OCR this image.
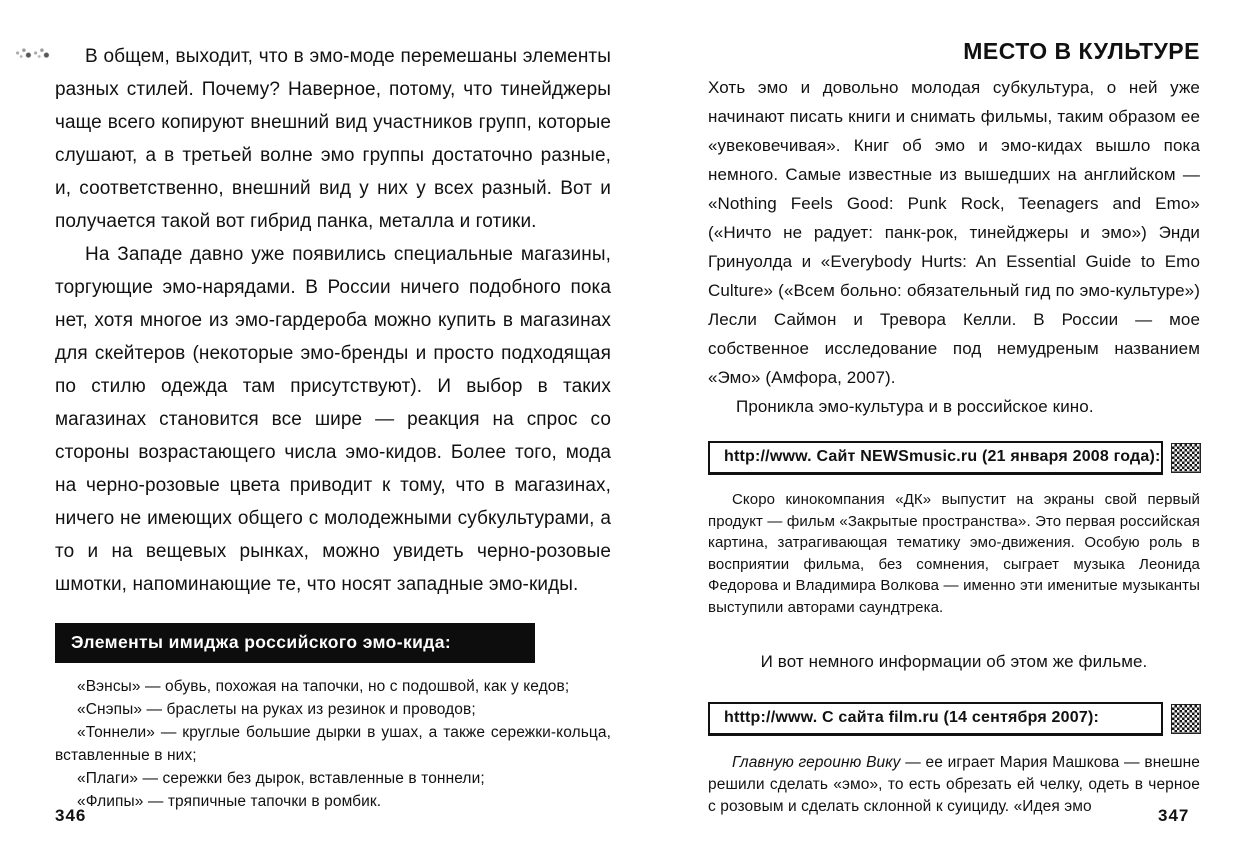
В общем, выходит, что в эмо-моде перемешаны элементы разных стилей. Почему? Наверное, потому, что тинейджеры чаще всего копируют внешний вид участников групп, которые слушают, а в третьей волне эмо группы достаточно разные, и, соответственно, внешний вид у них у всех разный. Вот и получается такой вот гибрид панка, металла и готики.

На Западе давно уже появились специальные магазины, торгующие эмо-нарядами. В России ничего подобного пока нет, хотя многое из эмо-гардероба можно купить в магазинах для скейтеров (некоторые эмо-бренды и просто подходящая по стилю одежда там присутствуют). И выбор в таких магазинах становится все шире — реакция на спрос со стороны возрастающего числа эмо-кидов. Более того, мода на черно-розовые цвета приводит к тому, что в магазинах, ничего не имеющих общего с молодежными субкультурами, а то и на вещевых рынках, можно увидеть черно-розовые шмотки, напоминающие те, что носят западные эмо-киды.

Элементы имиджа российского эмо-кида:

«Вэнсы» — обувь, похожая на тапочки, но с подошвой, как у кедов;

«Снэпы» — браслеты на руках из резинок и проводов;

«Тоннели» — круглые большие дырки в ушах, а также сережки-кольца, вставленные в них;

«Плаги» — сережки без дырок, вставленные в тоннели;

«Флипы» — тряпичные тапочки в ромбик.

МЕСТО В КУЛЬТУРЕ

Хоть эмо и довольно молодая субкультура, о ней уже начинают писать книги и снимать фильмы, таким образом ее «увековечивая». Книг об эмо и эмо-кидах вышло пока немного. Самые известные из вышедших на английском — «Nothing Feels Good: Punk Rock, Teenagers and Emo» («Ничто не радует: панк-рок, тинейджеры и эмо») Энди Гринуолда и «Everybody Hurts: An Essential Guide to Emo Culture» («Всем больно: обязательный гид по эмо-культуре») Лесли Саймон и Тревора Келли. В России — мое собственное исследование под немудреным названием «Эмо» (Амфора, 2007).

Проникла эмо-культура и в российское кино.

http://www. Сайт NEWSmusic.ru (21 января 2008 года):

Скоро кинокомпания «ДК» выпустит на экраны свой первый продукт — фильм «Закрытые пространства». Это первая российская картина, затрагивающая тематику эмо-движения. Особую роль в восприятии фильма, без сомнения, сыграет музыка Леонида Федорова и Владимира Волкова — именно эти именитые музыканты выступили авторами саундтрека.

И вот немного информации об этом же фильме.

htttp://www. С сайта film.ru (14 сентября 2007):

Главную героиню Вику — ее играет Мария Машкова — внешне решили сделать «эмо», то есть обрезать ей челку, одеть в черное с розовым и сделать склонной к суициду. «Идея эмо

346	347
